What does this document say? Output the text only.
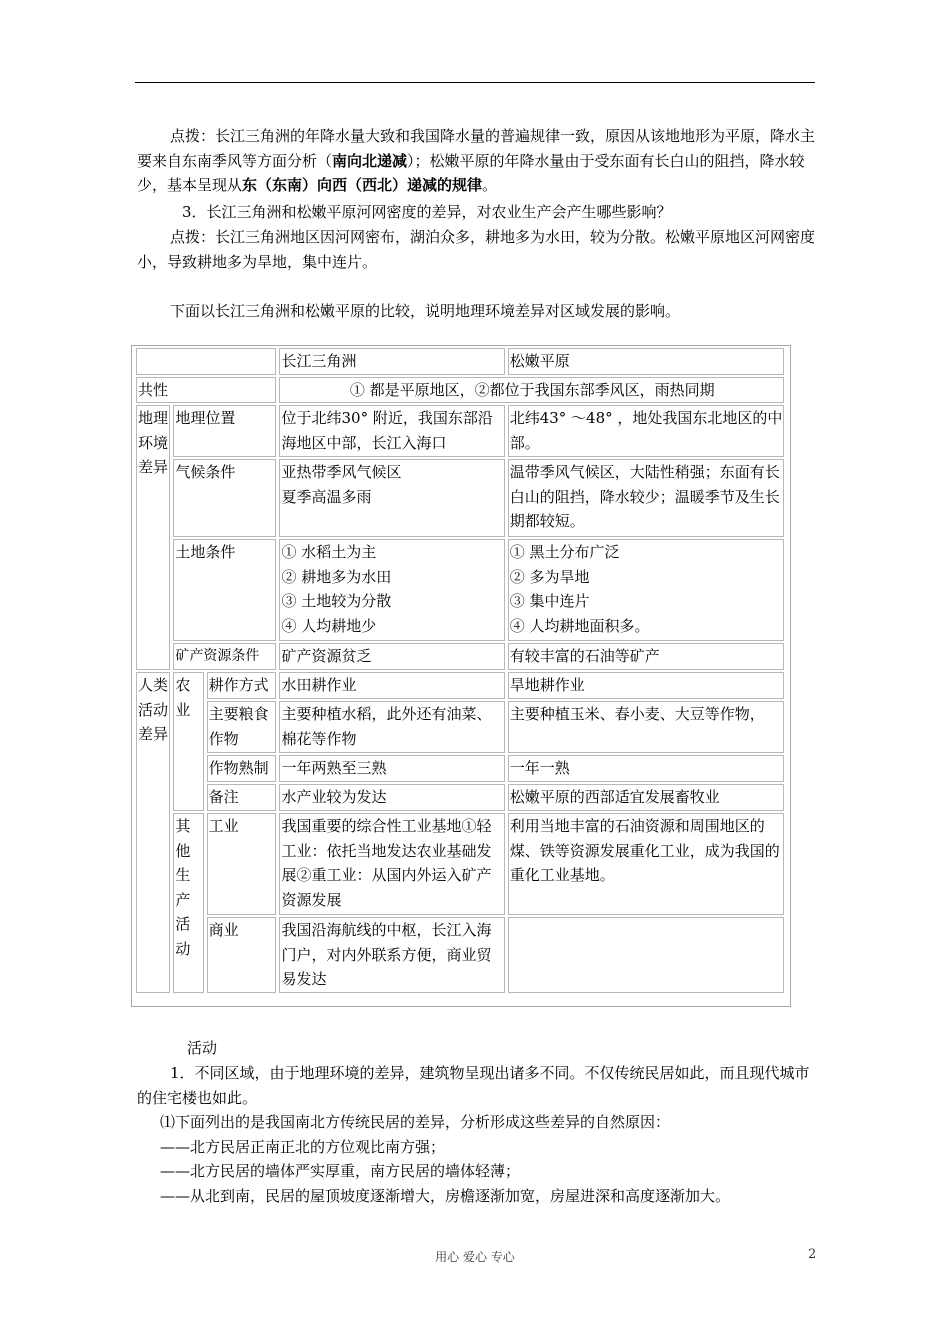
点拨：长江三角洲的年降水量大致和我国降水量的普遍规律一致，原因从该地地形为平原，降水主要来自东南季风等方面分析（南向北递减）；松嫩平原的年降水量由于受东面有长白山的阻挡，降水较少，基本呈现从东（东南）向西（西北）递减的规律。

3．长江三角洲和松嫩平原河网密度的差异，对农业生产会产生哪些影响？

点拨：长江三角洲地区因河网密布，湖泊众多，耕地多为水田，较为分散。松嫩平原地区河网密度小，导致耕地多为旱地，集中连片。

下面以长江三角洲和松嫩平原的比较，说明地理环境差异对区域发展的影响。

			长江三角洲	松嫩平原
共性			① 都是平原地区，②都位于我国东部季风区，雨热同期	
地理环境差异	地理位置		位于北纬30° 附近，我国东部沿海地区中部，长江入海口	北纬43° ～48° ，地处我国东北地区的中部。
	气候条件		亚热带季风气候区
夏季高温多雨	温带季风气候区，大陆性稍强；东面有长白山的阻挡，降水较少；温暖季节及生长期都较短。
	土地条件		① 水稻土为主
② 耕地多为水田
③ 土地较为分散
④ 人均耕地少	① 黑土分布广泛
② 多为旱地
③ 集中连片
④ 人均耕地面积多。

	矿产资源条件		矿产资源贫乏	有较丰富的石油等矿产
人类活动差异	农业	耕作方式	水田耕作业	旱地耕作业
		主要粮食作物	主要种植水稻，此外还有油菜、棉花等作物	主要种植玉米、春小麦、大豆等作物，
		作物熟制	一年两熟至三熟	一年一熟
		备注	水产业较为发达	松嫩平原的西部适宜发展畜牧业
	其他生产活动	工业	我国重要的综合性工业基地①轻工业：依托当地发达农业基础发展②重工业：从国内外运入矿产资源发展	利用当地丰富的石油资源和周围地区的煤、铁等资源发展重化工业，成为我国的重化工业基地。
		商业	我国沿海航线的中枢，长江入海门户，对内外联系方便，商业贸易发达	

活动

1．不同区域，由于地理环境的差异，建筑物呈现出诸多不同。不仅传统民居如此，而且现代城市的住宅楼也如此。

⑴下面列出的是我国南北方传统民居的差异，分析形成这些差异的自然原因：

——北方民居正南正北的方位观比南方强；

——北方民居的墙体严实厚重，南方民居的墙体轻薄；

——从北到南，民居的屋顶坡度逐渐增大，房檐逐渐加宽，房屋进深和高度逐渐加大。

用心 爱心 专心	2
